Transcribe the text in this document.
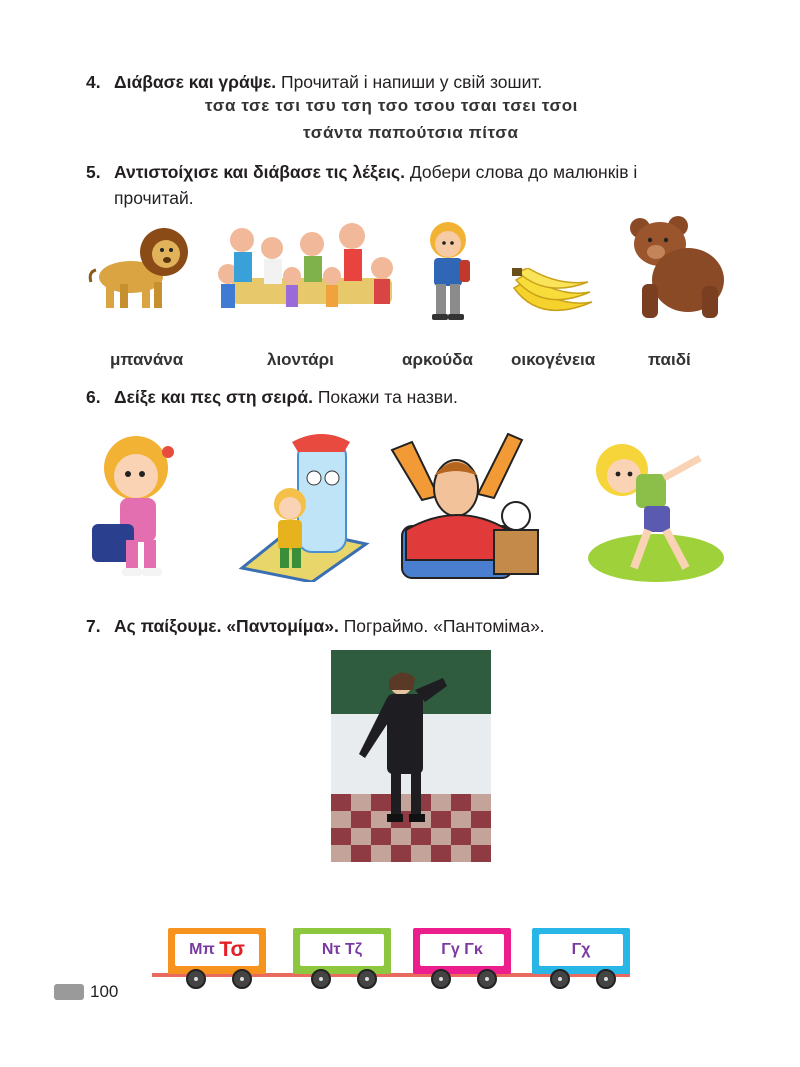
4. Διάβασε και γράψε. Прочитай і напиши у свій зошит.
τσα τσε τσι τσυ τση τσο τσου τσαι τσει τσοι
τσάντα παπούτσια πίτσα
5. Αντιστοίχισε και διάβασε τις λέξεις. Добери слова до малюнків і
прочитай.
μπανάνα	λιοντάρι	αρκούδα οικογένεια	παιδί
6. Δείξε και πες στη σειρά. Покажи та назви.
7. Ας παίξουμε. «Παντομίμα». Пограймо. «Пантоміма».
Μπ
Τσ	Ντ Τζ	Γγ Γκ	Γχ
100
